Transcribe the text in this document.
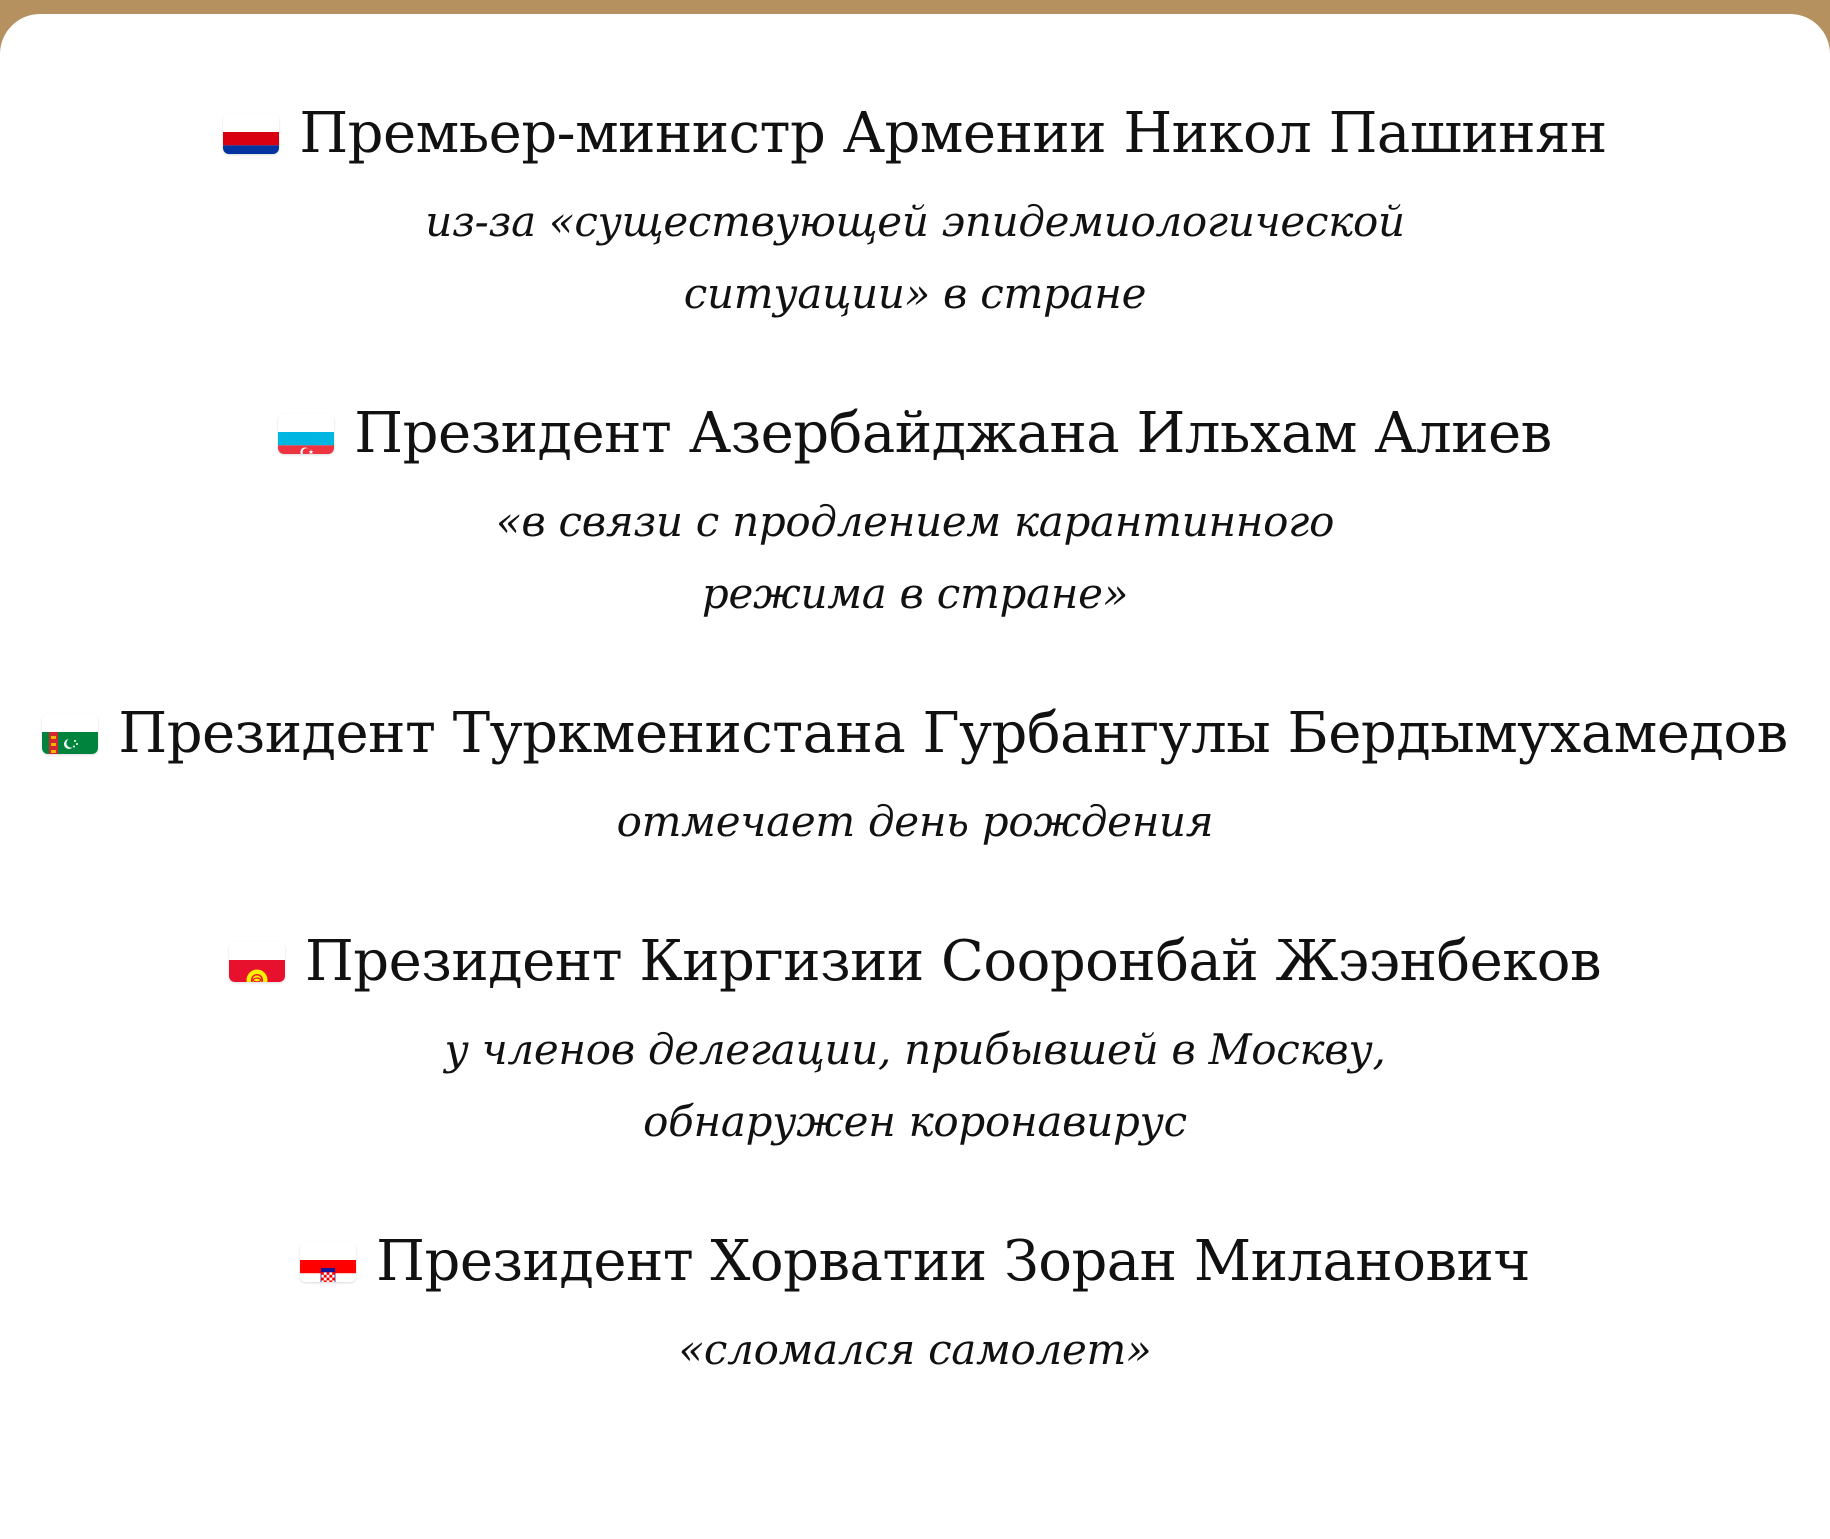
Премьер-министр Армении Никол Пашинян
из-за «существующей эпидемиологической
ситуации» в стране
Президент Азербайджана Ильхам Алиев
«в связи с продлением карантинного
режима в стране»
Президент Туркменистана Гурбангулы Бердымухамедов
отмечает день рождения
Президент Киргизии Сооронбай Жээнбеков
у членов делегации, прибывшей в Москву,
обнаружен коронавирус
Президент Хорватии Зоран Миланович
«сломался самолет»
